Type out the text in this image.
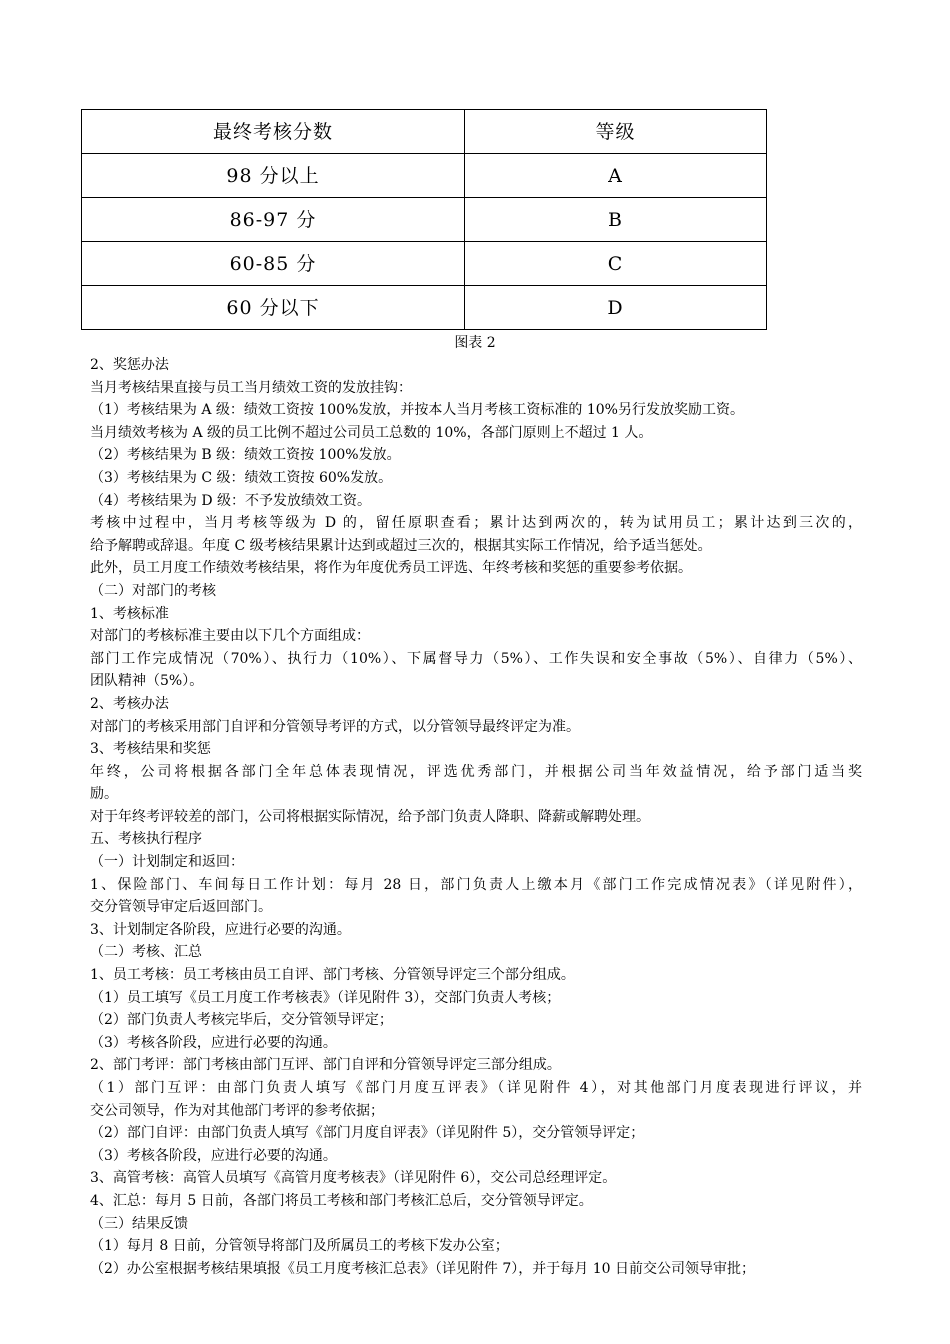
最终考核分数	等级
98 分以上	A
86-97 分	B
60-85 分	C
60 分以下	D
图表 2
2、奖惩办法
当月考核结果直接与员工当月绩效工资的发放挂钩：
（1）考核结果为 A 级：绩效工资按 100%发放，并按本人当月考核工资标准的 10%另行发放奖励工资。
当月绩效考核为 A 级的员工比例不超过公司员工总数的 10%，各部门原则上不超过 1 人。
（2）考核结果为 B 级：绩效工资按 100%发放。
（3）考核结果为 C 级：绩效工资按 60%发放。
（4）考核结果为 D 级：不予发放绩效工资。
考核中过程中，当月考核等级为 D 的，留任原职查看；累计达到两次的，转为试用员工；累计达到三次的，
给予解聘或辞退。年度 C 级考核结果累计达到或超过三次的，根据其实际工作情况，给予适当惩处。
此外，员工月度工作绩效考核结果，将作为年度优秀员工评选、年终考核和奖惩的重要参考依据。
（二）对部门的考核
1、考核标准
对部门的考核标准主要由以下几个方面组成：
部门工作完成情况（70%）、执行力（10%）、下属督导力（5%）、工作失误和安全事故（5%）、自律力（5%）、
团队精神（5%）。
2、考核办法
对部门的考核采用部门自评和分管领导考评的方式，以分管领导最终评定为准。
3、考核结果和奖惩
年终，公司将根据各部门全年总体表现情况，评选优秀部门，并根据公司当年效益情况，给予部门适当奖
励。
对于年终考评较差的部门，公司将根据实际情况，给予部门负责人降职、降薪或解聘处理。
五、考核执行程序
（一）计划制定和返回：
1、保险部门、车间每日工作计划：每月 28 日，部门负责人上缴本月《部门工作完成情况表》（详见附件），
交分管领导审定后返回部门。
3、计划制定各阶段，应进行必要的沟通。
（二）考核、汇总
1、员工考核：员工考核由员工自评、部门考核、分管领导评定三个部分组成。
（1）员工填写《员工月度工作考核表》（详见附件 3），交部门负责人考核；
（2）部门负责人考核完毕后，交分管领导评定；
（3）考核各阶段，应进行必要的沟通。
2、部门考评：部门考核由部门互评、部门自评和分管领导评定三部分组成。
（1）部门互评：由部门负责人填写《部门月度互评表》（详见附件 4），对其他部门月度表现进行评议，并
交公司领导，作为对其他部门考评的参考依据；
（2）部门自评：由部门负责人填写《部门月度自评表》（详见附件 5），交分管领导评定；
（3）考核各阶段，应进行必要的沟通。
3、高管考核：高管人员填写《高管月度考核表》（详见附件 6），交公司总经理评定。
4、汇总：每月 5 日前，各部门将员工考核和部门考核汇总后，交分管领导评定。
（三）结果反馈
（1）每月 8 日前，分管领导将部门及所属员工的考核下发办公室；
（2）办公室根据考核结果填报《员工月度考核汇总表》（详见附件 7），并于每月 10 日前交公司领导审批；
